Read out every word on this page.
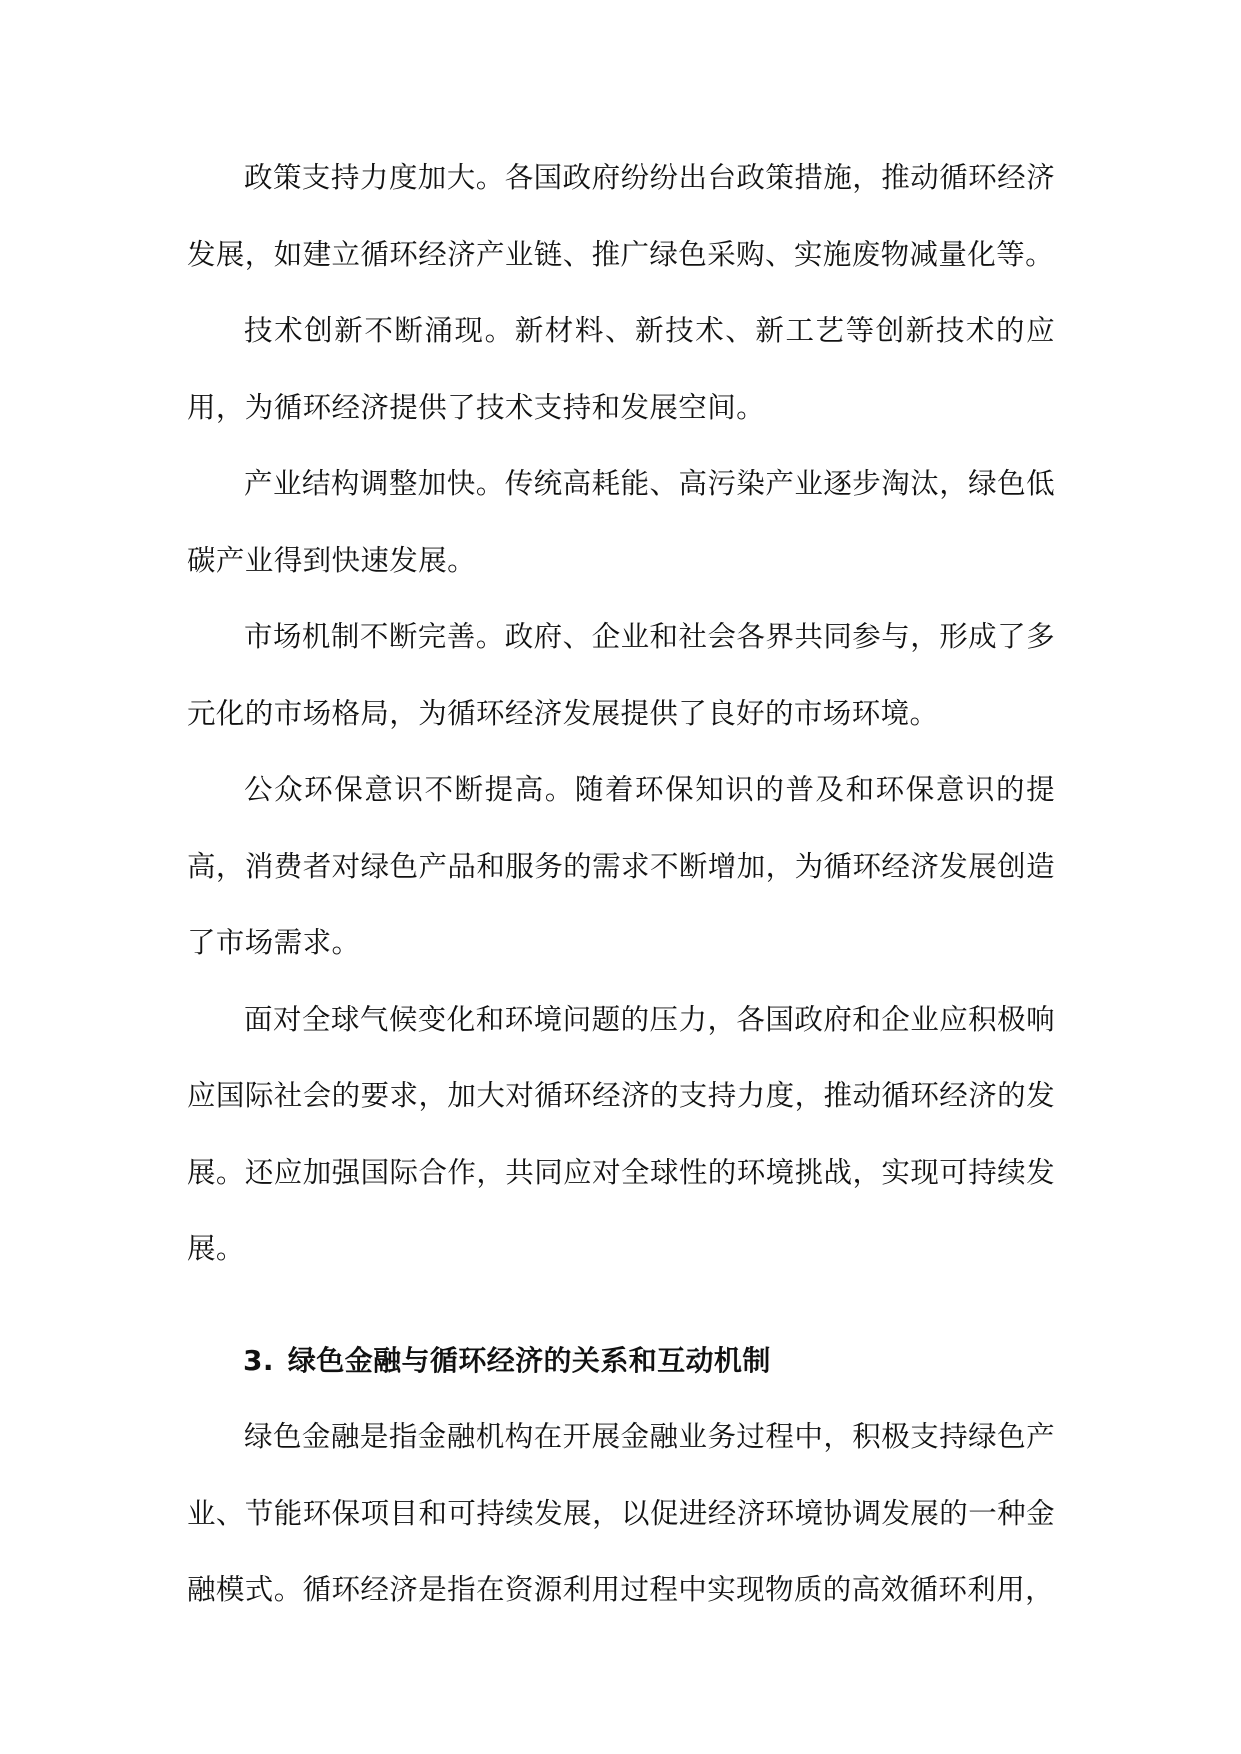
政策支持力度加大。各国政府纷纷出台政策措施，推动循环经济发展，如建立循环经济产业链、推广绿色采购、实施废物减量化等。

技术创新不断涌现。新材料、新技术、新工艺等创新技术的应用，为循环经济提供了技术支持和发展空间。

产业结构调整加快。传统高耗能、高污染产业逐步淘汰，绿色低碳产业得到快速发展。

市场机制不断完善。政府、企业和社会各界共同参与，形成了多元化的市场格局，为循环经济发展提供了良好的市场环境。

公众环保意识不断提高。随着环保知识的普及和环保意识的提高，消费者对绿色产品和服务的需求不断增加，为循环经济发展创造了市场需求。

面对全球气候变化和环境问题的压力，各国政府和企业应积极响应国际社会的要求，加大对循环经济的支持力度，推动循环经济的发展。还应加强国际合作，共同应对全球性的环境挑战，实现可持续发展。

3. 绿色金融与循环经济的关系和互动机制

绿色金融是指金融机构在开展金融业务过程中，积极支持绿色产业、节能环保项目和可持续发展，以促进经济环境协调发展的一种金融模式。循环经济是指在资源利用过程中实现物质的高效循环利用，
